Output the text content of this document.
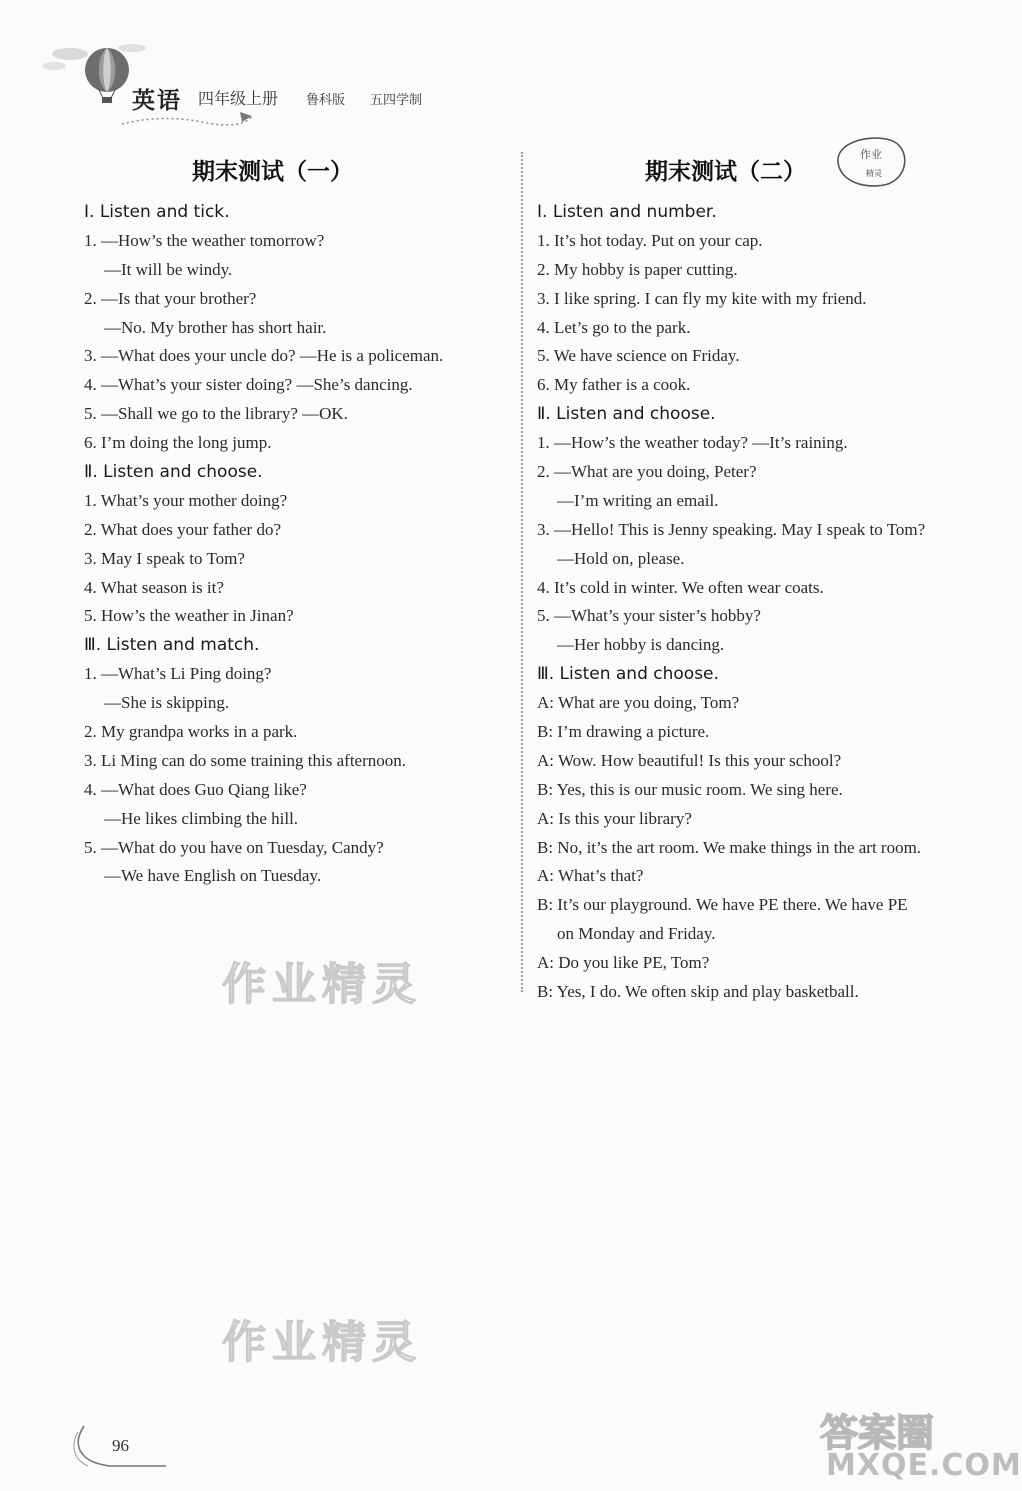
英语 四年级上册 鲁科版 五四学制
作业
精灵
期末测试（一）
Ⅰ. Listen and tick.
1. —How’s the weather tomorrow?
—It will be windy.
2. —Is that your brother?
—No. My brother has short hair.
3. —What does your uncle do? —He is a policeman.
4. —What’s your sister doing? —She’s dancing.
5. —Shall we go to the library? —OK.
6. I’m doing the long jump.
Ⅱ. Listen and choose.
1. What’s your mother doing?
2. What does your father do?
3. May I speak to Tom?
4. What season is it?
5. How’s the weather in Jinan?
Ⅲ. Listen and match.
1. —What’s Li Ping doing?
—She is skipping.
2. My grandpa works in a park.
3. Li Ming can do some training this afternoon.
4. —What does Guo Qiang like?
—He likes climbing the hill.
5. —What do you have on Tuesday, Candy?
—We have English on Tuesday.
期末测试（二）
Ⅰ. Listen and number.
1. It’s hot today. Put on your cap.
2. My hobby is paper cutting.
3. I like spring. I can fly my kite with my friend.
4. Let’s go to the park.
5. We have science on Friday.
6. My father is a cook.
Ⅱ. Listen and choose.
1. —How’s the weather today? —It’s raining.
2. —What are you doing, Peter?
—I’m writing an email.
3. —Hello! This is Jenny speaking. May I speak to Tom?
—Hold on, please.
4. It’s cold in winter. We often wear coats.
5. —What’s your sister’s hobby?
—Her hobby is dancing.
Ⅲ. Listen and choose.
A: What are you doing, Tom?
B: I’m drawing a picture.
A: Wow. How beautiful! Is this your school?
B: Yes, this is our music room. We sing here.
A: Is this your library?
B: No, it’s the art room. We make things in the art room.
A: What’s that?
B: It’s our playground. We have PE there. We have PE
on Monday and Friday.
A: Do you like PE, Tom?
B: Yes, I do. We often skip and play basketball.
作业精灵
作业精灵
96	答案圈
MXQE.COM
